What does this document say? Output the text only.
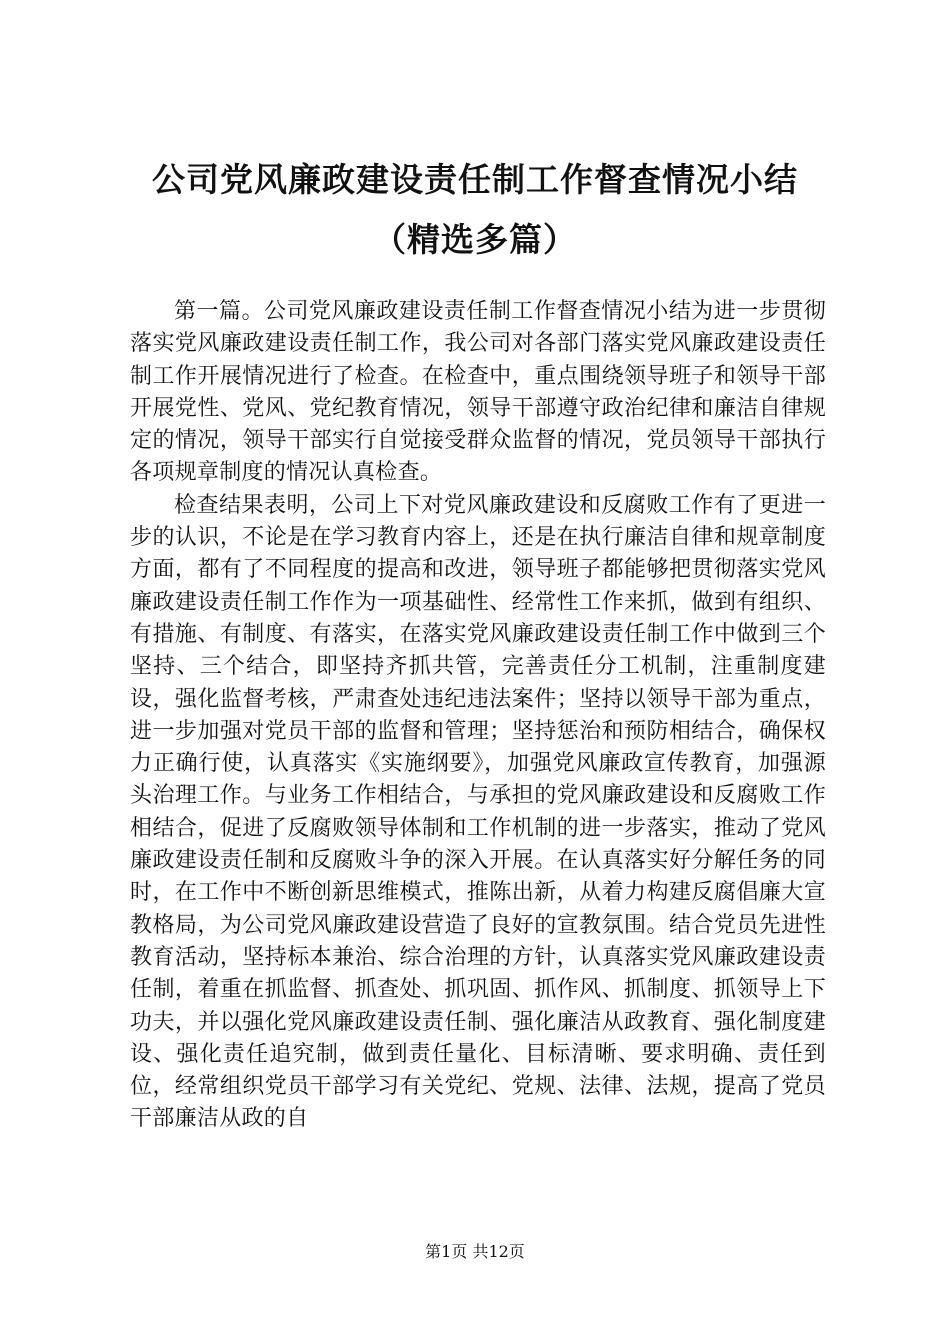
公司党风廉政建设责任制工作督查情况小结
（精选多篇）

第一篇。公司党风廉政建设责任制工作督查情况小结为进一步贯彻落实党风廉政建设责任制工作，我公司对各部门落实党风廉政建设责任制工作开展情况进行了检查。在检查中，重点围绕领导班子和领导干部开展党性、党风、党纪教育情况，领导干部遵守政治纪律和廉洁自律规定的情况，领导干部实行自觉接受群众监督的情况，党员领导干部执行各项规章制度的情况认真检查。

检查结果表明，公司上下对党风廉政建设和反腐败工作有了更进一步的认识，不论是在学习教育内容上，还是在执行廉洁自律和规章制度方面，都有了不同程度的提高和改进，领导班子都能够把贯彻落实党风廉政建设责任制工作作为一项基础性、经常性工作来抓，做到有组织、有措施、有制度、有落实，在落实党风廉政建设责任制工作中做到三个坚持、三个结合，即坚持齐抓共管，完善责任分工机制，注重制度建设，强化监督考核，严肃查处违纪违法案件；坚持以领导干部为重点，进一步加强对党员干部的监督和管理；坚持惩治和预防相结合，确保权力正确行使，认真落实《实施纲要》，加强党风廉政宣传教育，加强源头治理工作。与业务工作相结合，与承担的党风廉政建设和反腐败工作相结合，促进了反腐败领导体制和工作机制的进一步落实，推动了党风廉政建设责任制和反腐败斗争的深入开展。在认真落实好分解任务的同时，在工作中不断创新思维模式，推陈出新，从着力构建反腐倡廉大宣教格局，为公司党风廉政建设营造了良好的宣教氛围。结合党员先进性教育活动，坚持标本兼治、综合治理的方针，认真落实党风廉政建设责任制，着重在抓监督、抓查处、抓巩固、抓作风、抓制度、抓领导上下功夫，并以强化党风廉政建设责任制、强化廉洁从政教育、强化制度建设、强化责任追究制，做到责任量化、目标清晰、要求明确、责任到位，经常组织党员干部学习有关党纪、党规、法律、法规，提高了党员干部廉洁从政的自

第1页 共12页
